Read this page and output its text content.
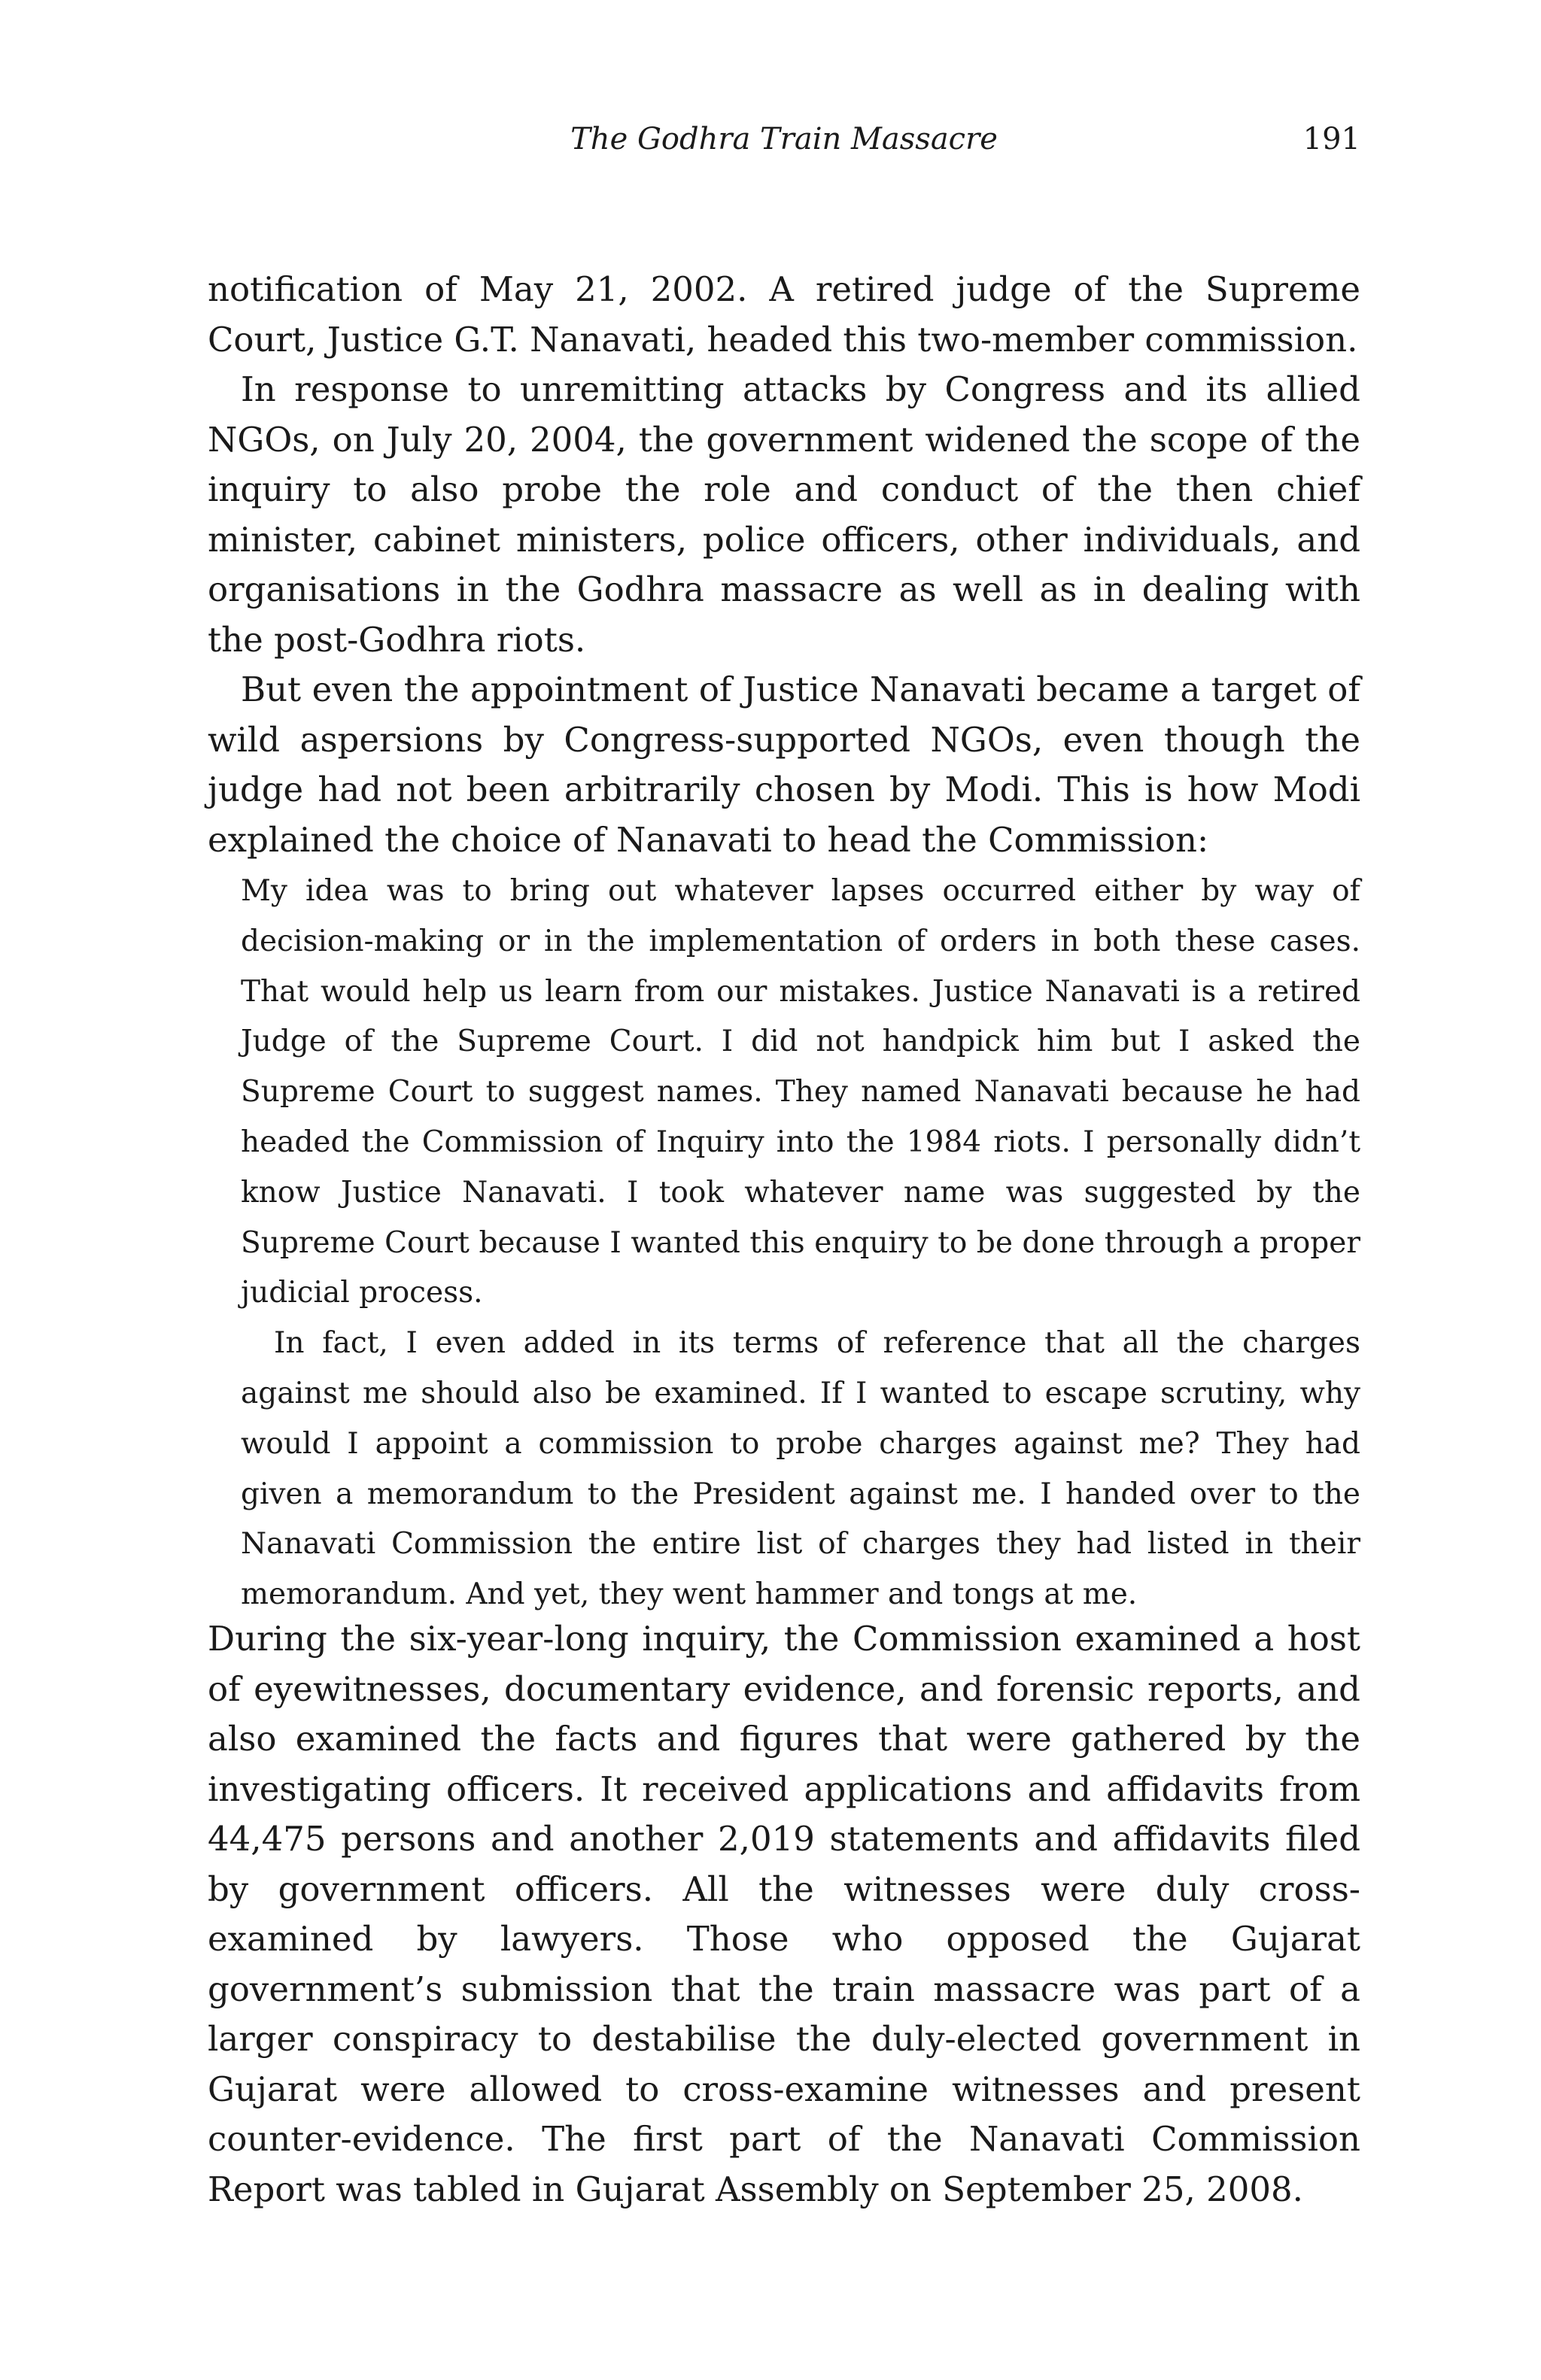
The Godhra Train Massacre	191

notification of May 21, 2002. A retired judge of the Supreme Court, Justice G.T. Nanavati, headed this two-member commission.

In response to unremitting attacks by Congress and its allied NGOs, on July 20, 2004, the government widened the scope of the inquiry to also probe the role and conduct of the then chief minister, cabinet ministers, police officers, other individuals, and organisations in the Godhra massacre as well as in dealing with the post-Godhra riots.

But even the appointment of Justice Nanavati became a target of wild aspersions by Congress-supported NGOs, even though the judge had not been arbitrarily chosen by Modi. This is how Modi explained the choice of Nanavati to head the Commission:

My idea was to bring out whatever lapses occurred either by way of decision-making or in the implementation of orders in both these cases. That would help us learn from our mistakes. Justice Nanavati is a retired Judge of the Supreme Court. I did not handpick him but I asked the Supreme Court to suggest names. They named Nanavati because he had headed the Commission of Inquiry into the 1984 riots. I personally didn’t know Justice Nanavati. I took whatever name was suggested by the Supreme Court because I wanted this enquiry to be done through a proper judicial process.

In fact, I even added in its terms of reference that all the charges against me should also be examined. If I wanted to escape scrutiny, why would I appoint a commission to probe charges against me? They had given a memorandum to the President against me. I handed over to the Nanavati Commission the entire list of charges they had listed in their memorandum. And yet, they went hammer and tongs at me.

During the six-year-long inquiry, the Commission examined a host of eyewitnesses, documentary evidence, and forensic reports, and also examined the facts and figures that were gathered by the investigating officers. It received applications and affidavits from 44,475 persons and another 2,019 statements and affidavits filed by government officers. All the witnesses were duly cross-examined by lawyers. Those who opposed the Gujarat government’s submission that the train massacre was part of a larger conspiracy to destabilise the duly-elected government in Gujarat were allowed to cross-examine witnesses and present counter-evidence. The first part of the Nanavati Commission Report was tabled in Gujarat Assembly on September 25, 2008.
